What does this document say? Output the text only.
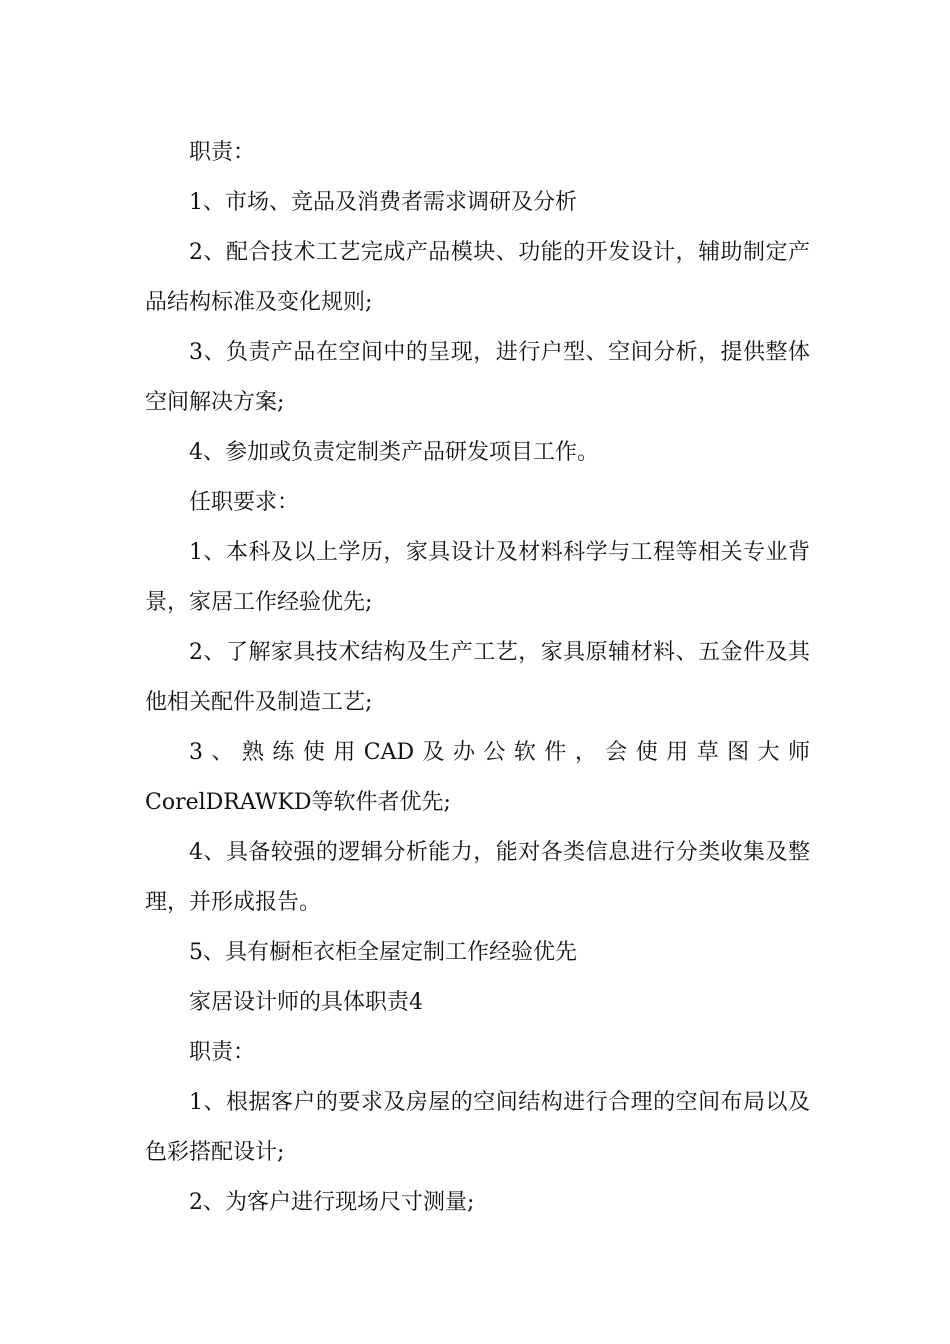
职责：

1、市场、竞品及消费者需求调研及分析

2、配合技术工艺完成产品模块、功能的开发设计，辅助制定产品结构标准及变化规则;

3、负责产品在空间中的呈现，进行户型、空间分析，提供整体空间解决方案;

4、参加或负责定制类产品研发项目工作。

任职要求：

1、本科及以上学历，家具设计及材料科学与工程等相关专业背景，家居工作经验优先;

2、了解家具技术结构及生产工艺，家具原辅材料、五金件及其他相关配件及制造工艺;

3、熟练使用CAD及办公软件，会使用草图大师CorelDRAWKD等软件者优先;

4、具备较强的逻辑分析能力，能对各类信息进行分类收集及整理，并形成报告。

5、具有橱柜衣柜全屋定制工作经验优先

家居设计师的具体职责4

职责：

1、根据客户的要求及房屋的空间结构进行合理的空间布局以及色彩搭配设计;

2、为客户进行现场尺寸测量;
